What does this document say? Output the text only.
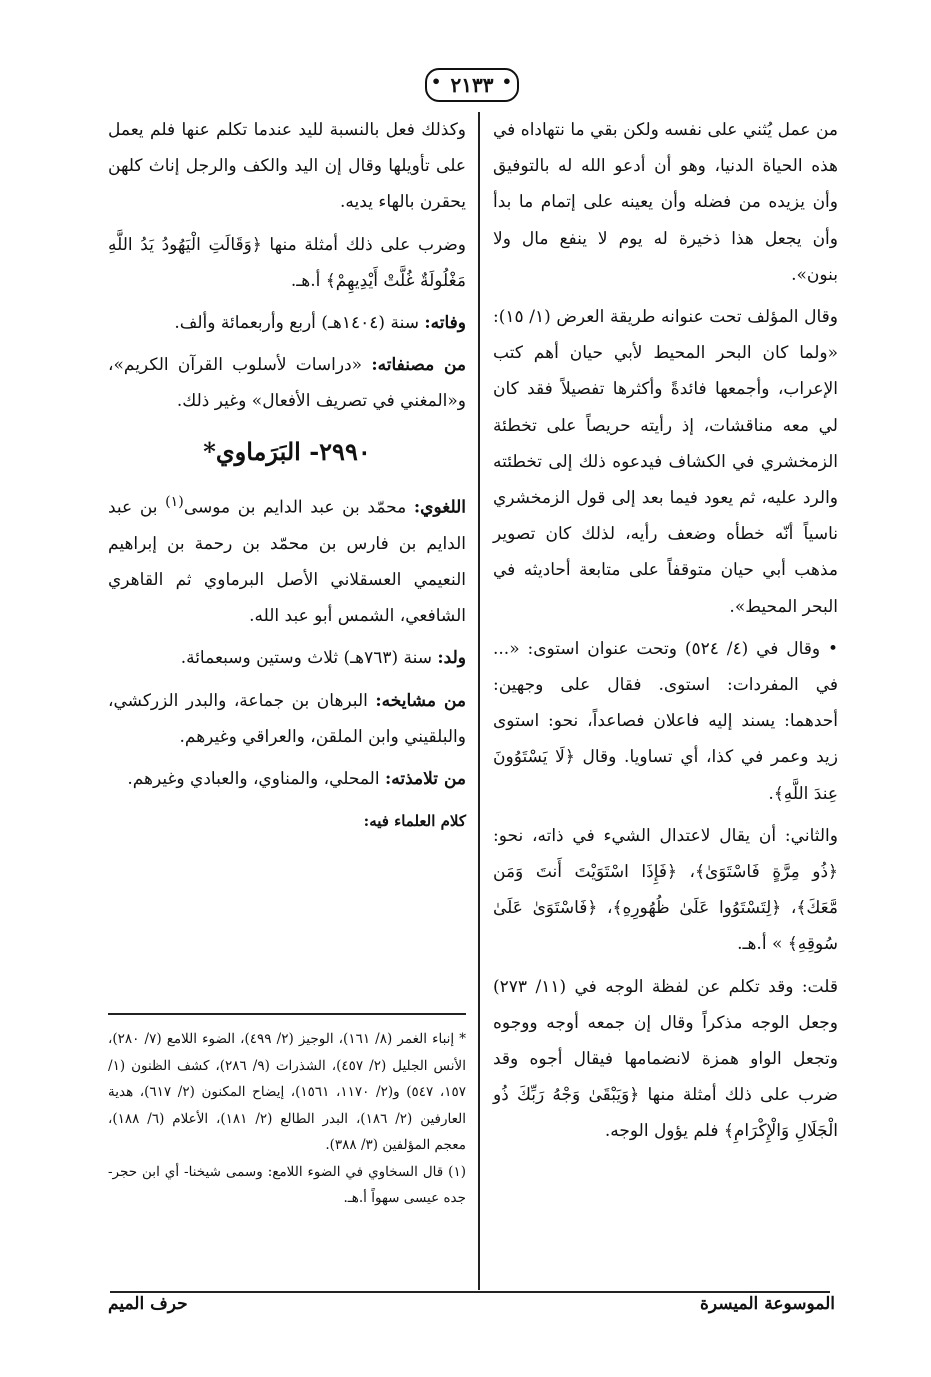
• ٢١٣٣ •

من عمل يُثني على نفسه ولكن بقي ما نتهاداه في هذه الحياة الدنيا، وهو أن أدعو الله له بالتوفيق وأن يزيده من فضله وأن يعينه على إتمام ما بدأ وأن يجعل هذا ذخيرة له يوم لا ينفع مال ولا بنون».

وقال المؤلف تحت عنوانه طريقة العرض (١/ ١٥): «ولما كان البحر المحيط لأبي حيان أهم كتب الإعراب، وأجمعها فائدةً وأكثرها تفصيلاً فقد كان لي معه مناقشات، إذ رأيته حريصاً على تخطئة الزمخشري في الكشاف فيدعوه ذلك إلى تخطئته والرد عليه، ثم يعود فيما بعد إلى قول الزمخشري ناسياً أنّه خطأه وضعف رأيه، لذلك كان تصوير مذهب أبي حيان متوقفاً على متابعة أحاديثه في البحر المحيط».

• وقال في (٤/ ٥٢٤) وتحت عنوان استوى: «... في المفردات: استوى. فقال على وجهين: أحدهما: يسند إليه فاعلان فصاعداً، نحو: استوى زيد وعمر في كذا، أي تساويا. وقال ﴿لَا يَسْتَوُونَ عِندَ اللَّهِ﴾.

والثاني: أن يقال لاعتدال الشيء في ذاته، نحو: ﴿ذُو مِرَّةٍ فَاسْتَوَىٰ﴾، ﴿فَإِذَا اسْتَوَيْتَ أَنتَ وَمَن مَّعَكَ﴾، ﴿لِتَسْتَوُوا عَلَىٰ ظُهُورِهِ﴾، ﴿فَاسْتَوَىٰ عَلَىٰ سُوقِهِ﴾ » أ.هـ.

قلت: وقد تكلم عن لفظة الوجه في (١١/ ٢٧٣) وجعل الوجه مذكراً وقال إن جمعه أوجه ووجوه وتجعل الواو همزة لانضمامها فيقال أجوه وقد ضرب على ذلك أمثلة منها ﴿وَيَبْقَىٰ وَجْهُ رَبِّكَ ذُو الْجَلَالِ وَالْإِكْرَامِ﴾ فلم يؤول الوجه.

وكذلك فعل بالنسبة لليد عندما تكلم عنها فلم يعمل على تأويلها وقال إن اليد والكف والرجل إناث كلهن يحقرن بالهاء يديه.

وضرب على ذلك أمثلة منها ﴿وَقَالَتِ الْيَهُودُ يَدُ اللَّهِ مَغْلُولَةٌ غُلَّتْ أَيْدِيهِمْ﴾ أ.هـ.

وفاته: سنة (١٤٠٤هـ) أربع وأربعمائة وألف.

من مصنفاته: «دراسات لأسلوب القرآن الكريم»، و«المغني في تصريف الأفعال» وغير ذلك.

٢٩٩٠- البَرَماوي*

اللغوي: محمّد بن عبد الدايم بن موسى$^{(١)}$ بن عبد الدايم بن فارس بن محمّد بن رحمة بن إبراهيم النعيمي العسقلاني الأصل البرماوي ثم القاهري الشافعي، الشمس أبو عبد الله.

ولد: سنة (٧٦٣هـ) ثلاث وستين وسبعمائة.

من مشايخه: البرهان بن جماعة، والبدر الزركشي، والبلقيني وابن الملقن، والعراقي وغيرهم.

من تلامذته: المحلي، والمناوي، والعبادي وغيرهم.

كلام العلماء فيه:

* إنباء الغمر (٨/ ١٦١)، الوجيز (٢/ ٤٩٩)، الضوء اللامع (٧/ ٢٨٠)، الأنس الجليل (٢/ ٤٥٧)، الشذرات (٩/ ٢٨٦)، كشف الظنون (١/ ١٥٧، ٥٤٧) و(٢/ ١١٧٠، ١٥٦١)، إيضاح المكنون (٢/ ٦١٧)، هدية العارفين (٢/ ١٨٦)، البدر الطالع (٢/ ١٨١)، الأعلام (٦/ ١٨٨)، معجم المؤلفين (٣/ ٣٨٨).

(١) قال السخاوي في الضوء اللامع: وسمى شيخنا- أي ابن حجر- جده عيسى سهواً أ.هـ.

الموسوعة الميسرة
حرف الميم
